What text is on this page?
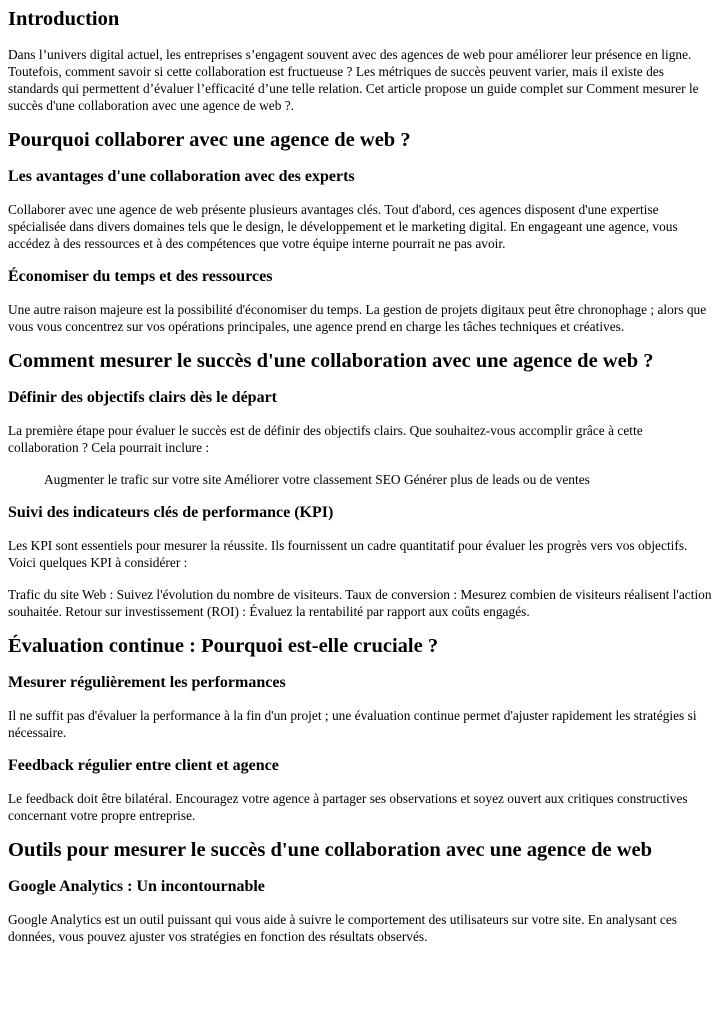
Introduction

Dans l’univers digital actuel, les entreprises s’engagent souvent avec des agences de web pour améliorer leur présence en ligne. Toutefois, comment savoir si cette collaboration est fructueuse ? Les métriques de succès peuvent varier, mais il existe des standards qui permettent d’évaluer l’efficacité d’une telle relation. Cet article propose un guide complet sur Comment mesurer le succès d'une collaboration avec une agence de web ?.

Pourquoi collaborer avec une agence de web ?
Les avantages d'une collaboration avec des experts

Collaborer avec une agence de web présente plusieurs avantages clés. Tout d'abord, ces agences disposent d'une expertise spécialisée dans divers domaines tels que le design, le développement et le marketing digital. En engageant une agence, vous accédez à des ressources et à des compétences que votre équipe interne pourrait ne pas avoir.

Économiser du temps et des ressources

Une autre raison majeure est la possibilité d'économiser du temps. La gestion de projets digitaux peut être chronophage ; alors que vous vous concentrez sur vos opérations principales, une agence prend en charge les tâches techniques et créatives.

Comment mesurer le succès d'une collaboration avec une agence de web ?
Définir des objectifs clairs dès le départ

La première étape pour évaluer le succès est de définir des objectifs clairs. Que souhaitez-vous accomplir grâce à cette collaboration ? Cela pourrait inclure :

Augmenter le trafic sur votre site Améliorer votre classement SEO Générer plus de leads ou de ventes

Suivi des indicateurs clés de performance (KPI)

Les KPI sont essentiels pour mesurer la réussite. Ils fournissent un cadre quantitatif pour évaluer les progrès vers vos objectifs. Voici quelques KPI à considérer :

Trafic du site Web : Suivez l'évolution du nombre de visiteurs. Taux de conversion : Mesurez combien de visiteurs réalisent l'action souhaitée. Retour sur investissement (ROI) : Évaluez la rentabilité par rapport aux coûts engagés.

Évaluation continue : Pourquoi est-elle cruciale ?
Mesurer régulièrement les performances

Il ne suffit pas d'évaluer la performance à la fin d'un projet ; une évaluation continue permet d'ajuster rapidement les stratégies si nécessaire.

Feedback régulier entre client et agence

Le feedback doit être bilatéral. Encouragez votre agence à partager ses observations et soyez ouvert aux critiques constructives concernant votre propre entreprise.

Outils pour mesurer le succès d'une collaboration avec une agence de web
Google Analytics : Un incontournable

Google Analytics est un outil puissant qui vous aide à suivre le comportement des utilisateurs sur votre site. En analysant ces données, vous pouvez ajuster vos stratégies en fonction des résultats observés.
